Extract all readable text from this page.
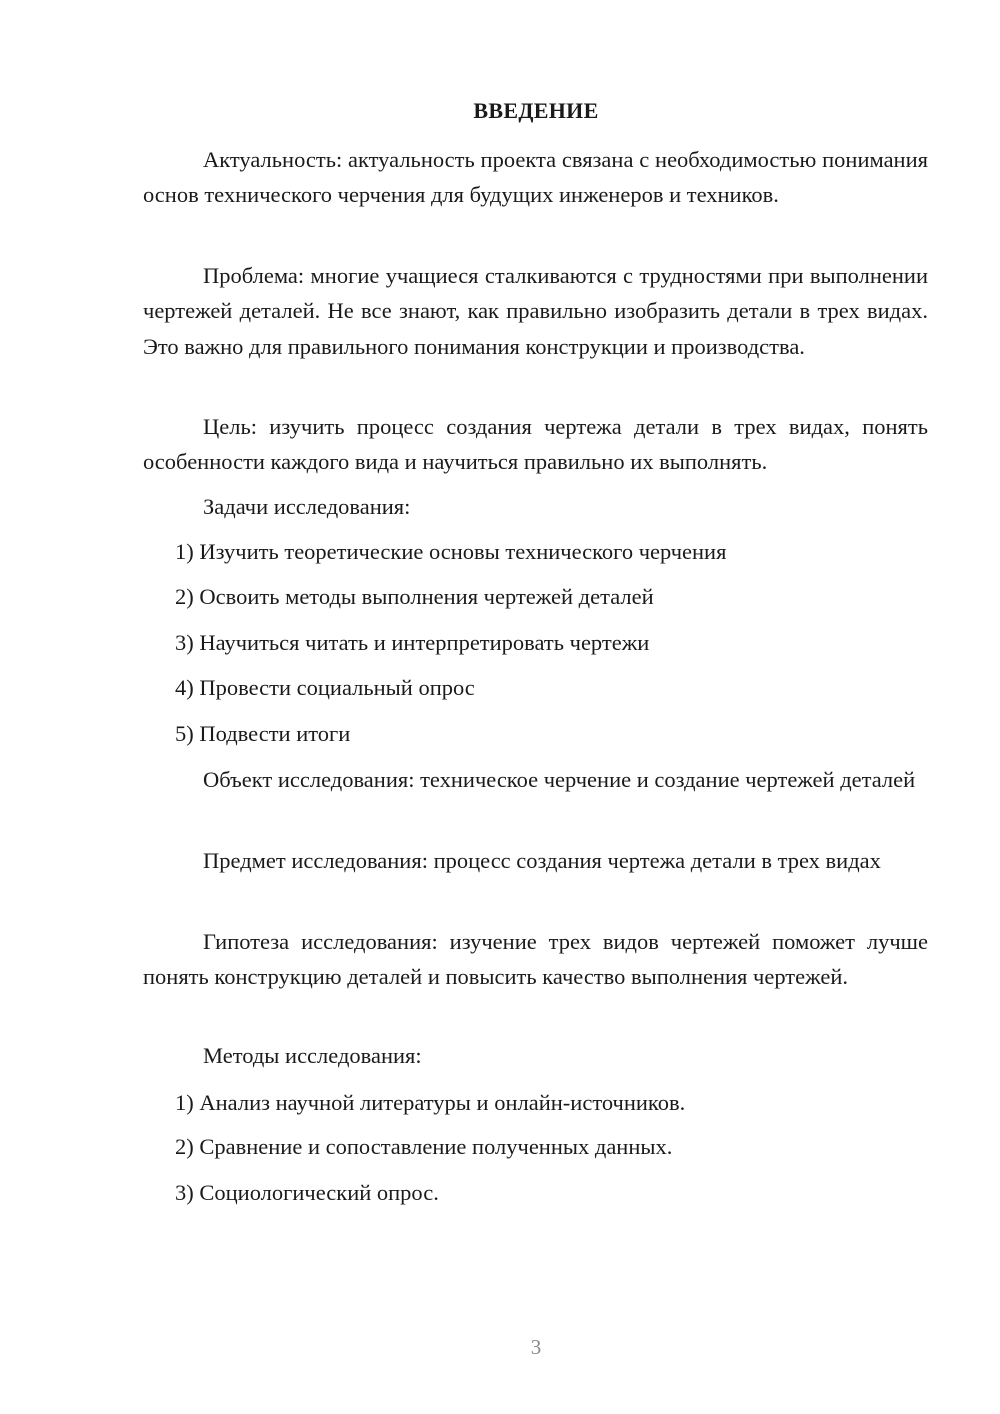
ВВЕДЕНИЕ

Актуальность: актуальность проекта связана с необходимостью понимания основ технического черчения для будущих инженеров и техников.

Проблема: многие учащиеся сталкиваются с трудностями при выполнении чертежей деталей. Не все знают, как правильно изобразить детали в трех видах. Это важно для правильного понимания конструкции и производства.

Цель: изучить процесс создания чертежа детали в трех видах, понять особенности каждого вида и научиться правильно их выполнять.

Задачи исследования:

1) Изучить теоретические основы технического черчения

2) Освоить методы выполнения чертежей деталей

3) Научиться читать и интерпретировать чертежи

4) Провести социальный опрос

5) Подвести итоги

Объект исследования: техническое черчение и создание чертежей деталей

Предмет исследования: процесс создания чертежа детали в трех видах

Гипотеза исследования: изучение трех видов чертежей поможет лучше понять конструкцию деталей и повысить качество выполнения чертежей.

Методы исследования:

1) Анализ научной литературы и онлайн-источников.

2) Сравнение и сопоставление полученных данных.

3) Социологический опрос.

3
